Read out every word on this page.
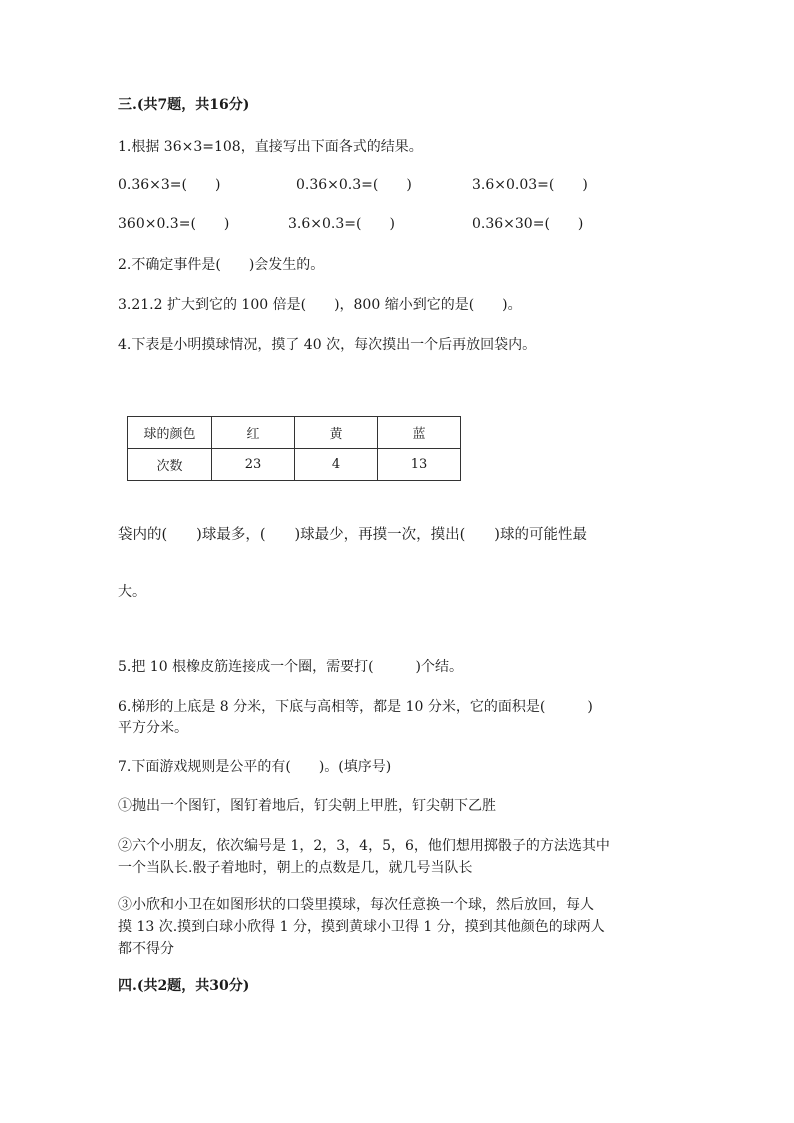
三.(共7题，共16分)
1.根据 36×3=108，直接写出下面各式的结果。
0.36×3=(　　)	0.36×0.3=(　　)	3.6×0.03=(　　)
360×0.3=(　　)	3.6×0.3=(　　)	0.36×30=(　　)
2.不确定事件是(　　)会发生的。
3.21.2 扩大到它的 100 倍是(　　)，800 缩小到它的是(　　)。
4.下表是小明摸球情况，摸了 40 次，每次摸出一个后再放回袋内。
球的颜色	红	黄	蓝
次数	23	4	13
袋内的(　　)球最多，(　　)球最少，再摸一次，摸出(　　)球的可能性最
大。
5.把 10 根橡皮筋连接成一个圈，需要打(　　　)个结。
6.梯形的上底是 8 分米，下底与高相等，都是 10 分米，它的面积是(　　　)
平方分米。
7.下面游戏规则是公平的有(　　)。(填序号)
①抛出一个图钉，图钉着地后，钉尖朝上甲胜，钉尖朝下乙胜
②六个小朋友，依次编号是 1，2，3，4，5，6，他们想用掷骰子的方法选其中
一个当队长.骰子着地时，朝上的点数是几，就几号当队长
③小欣和小卫在如图形状的口袋里摸球，每次任意换一个球，然后放回，每人
摸 13 次.摸到白球小欣得 1 分，摸到黄球小卫得 1 分，摸到其他颜色的球两人
都不得分
四.(共2题，共30分)
